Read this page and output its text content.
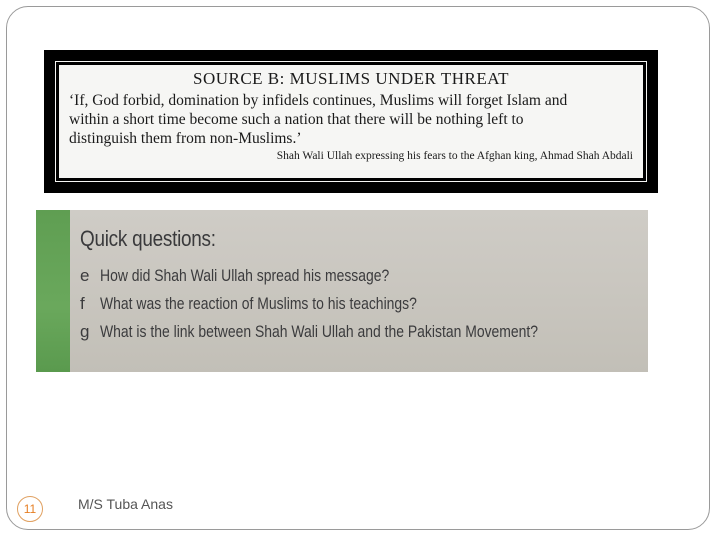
SOURCE B: MUSLIMS UNDER THREAT
‘If, God forbid, domination by infidels continues, Muslims will forget Islam and
within a short time become such a nation that there will be nothing left to
distinguish them from non-Muslims.’
Shah Wali Ullah expressing his fears to the Afghan king, Ahmad Shah Abdali
Quick questions:
e How did Shah Wali Ullah spread his message?
f What was the reaction of Muslims to his teachings?
g What is the link between Shah Wali Ullah and the Pakistan Movement?
11	M/S Tuba Anas
